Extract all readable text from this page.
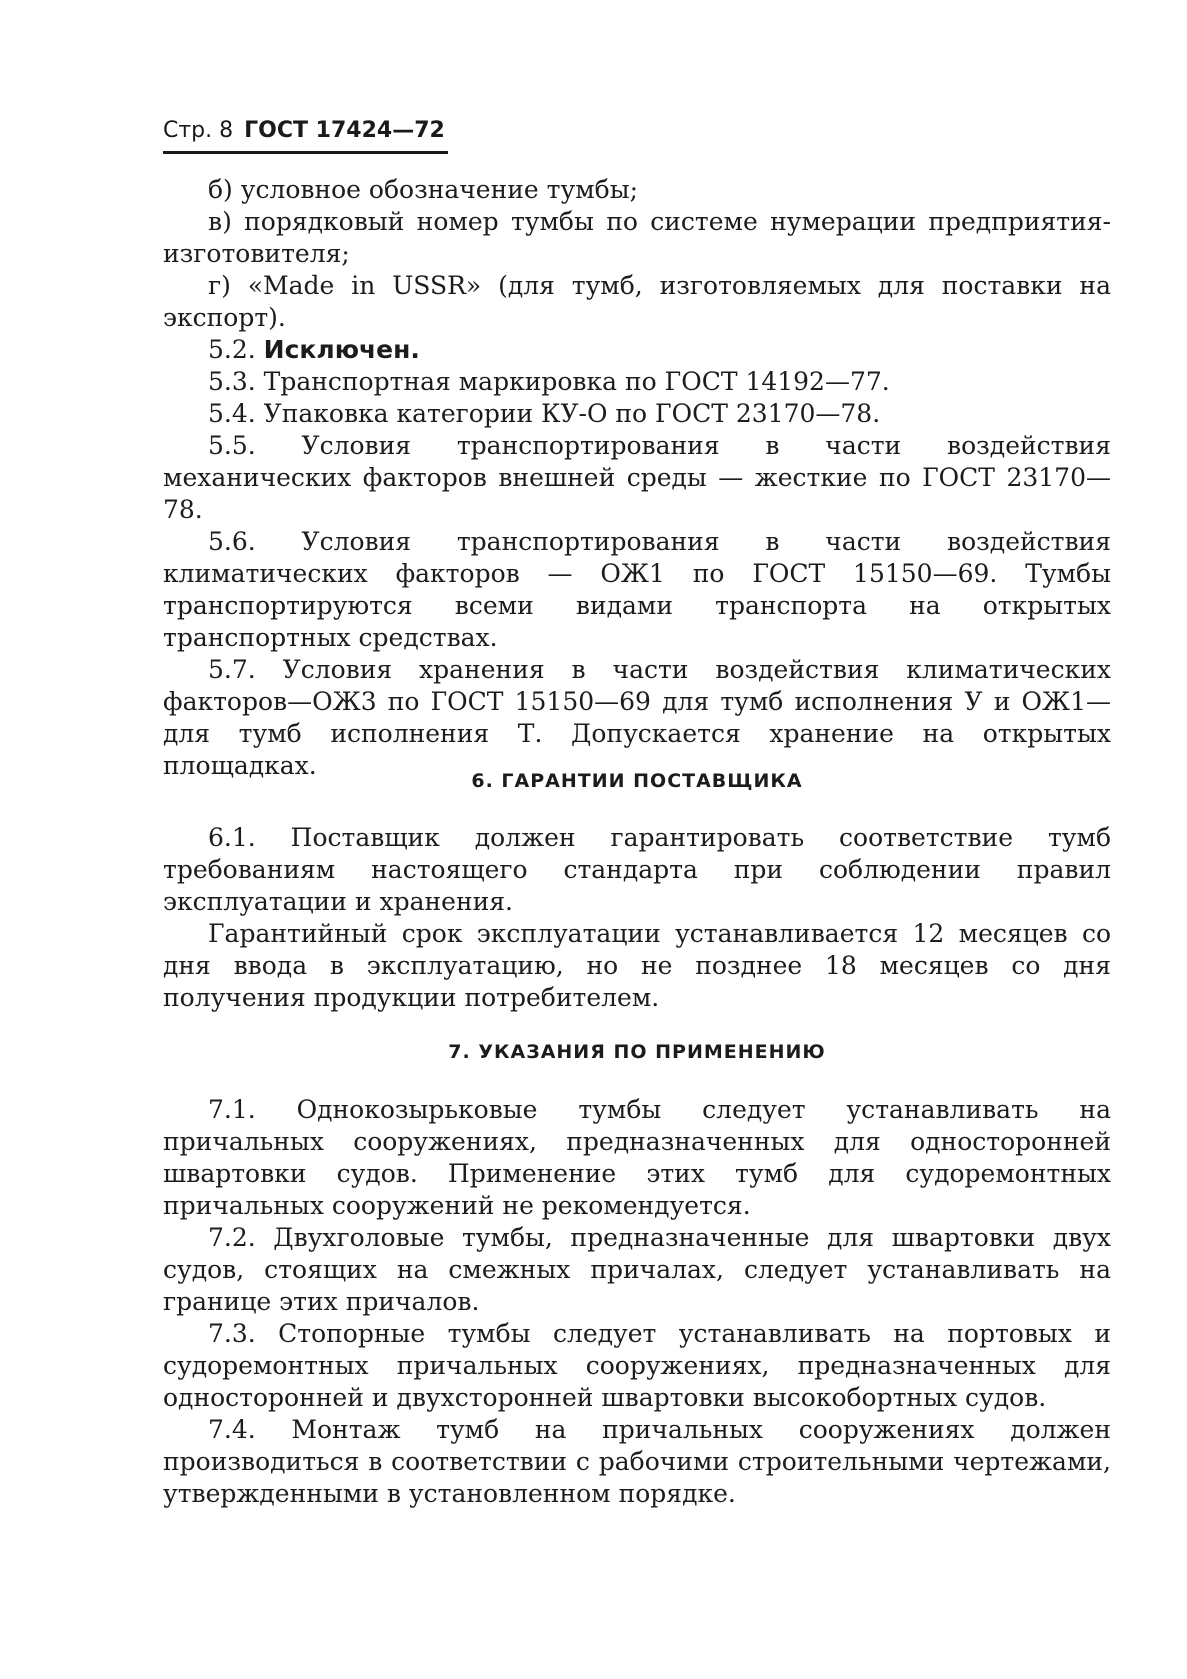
Стр. 8 ГОСТ 17424—72

б) условное обозначение тумбы;

в) порядковый номер тумбы по системе нумерации предприятия-изготовителя;

г) «Made in USSR» (для тумб, изготовляемых для поставки на экспорт).

5.2. Исключен.

5.3. Транспортная маркировка по ГОСТ 14192—77.

5.4. Упаковка категории КУ-О по ГОСТ 23170—78.

5.5. Условия транспортирования в части воздействия механических факторов внешней среды — жесткие по ГОСТ 23170—78.

5.6. Условия транспортирования в части воздействия климатических факторов — ОЖ1 по ГОСТ 15150—69. Тумбы транспортируются всеми видами транспорта на открытых транспортных средствах.

5.7. Условия хранения в части воздействия климатических факторов—ОЖ3 по ГОСТ 15150—69 для тумб исполнения У и ОЖ1—для тумб исполнения Т. Допускается хранение на открытых площадках.

6. ГАРАНТИИ ПОСТАВЩИКА

6.1. Поставщик должен гарантировать соответствие тумб требованиям настоящего стандарта при соблюдении правил эксплуатации и хранения.

Гарантийный срок эксплуатации устанавливается 12 месяцев со дня ввода в эксплуатацию, но не позднее 18 месяцев со дня получения продукции потребителем.

7. УКАЗАНИЯ ПО ПРИМЕНЕНИЮ

7.1. Однокозырьковые тумбы следует устанавливать на причальных сооружениях, предназначенных для односторонней швартовки судов. Применение этих тумб для судоремонтных причальных сооружений не рекомендуется.

7.2. Двухголовые тумбы, предназначенные для швартовки двух судов, стоящих на смежных причалах, следует устанавливать на границе этих причалов.

7.3. Стопорные тумбы следует устанавливать на портовых и судоремонтных причальных сооружениях, предназначенных для односторонней и двухсторонней швартовки высокобортных судов.

7.4. Монтаж тумб на причальных сооружениях должен производиться в соответствии с рабочими строительными чертежами, утвержденными в установленном порядке.
